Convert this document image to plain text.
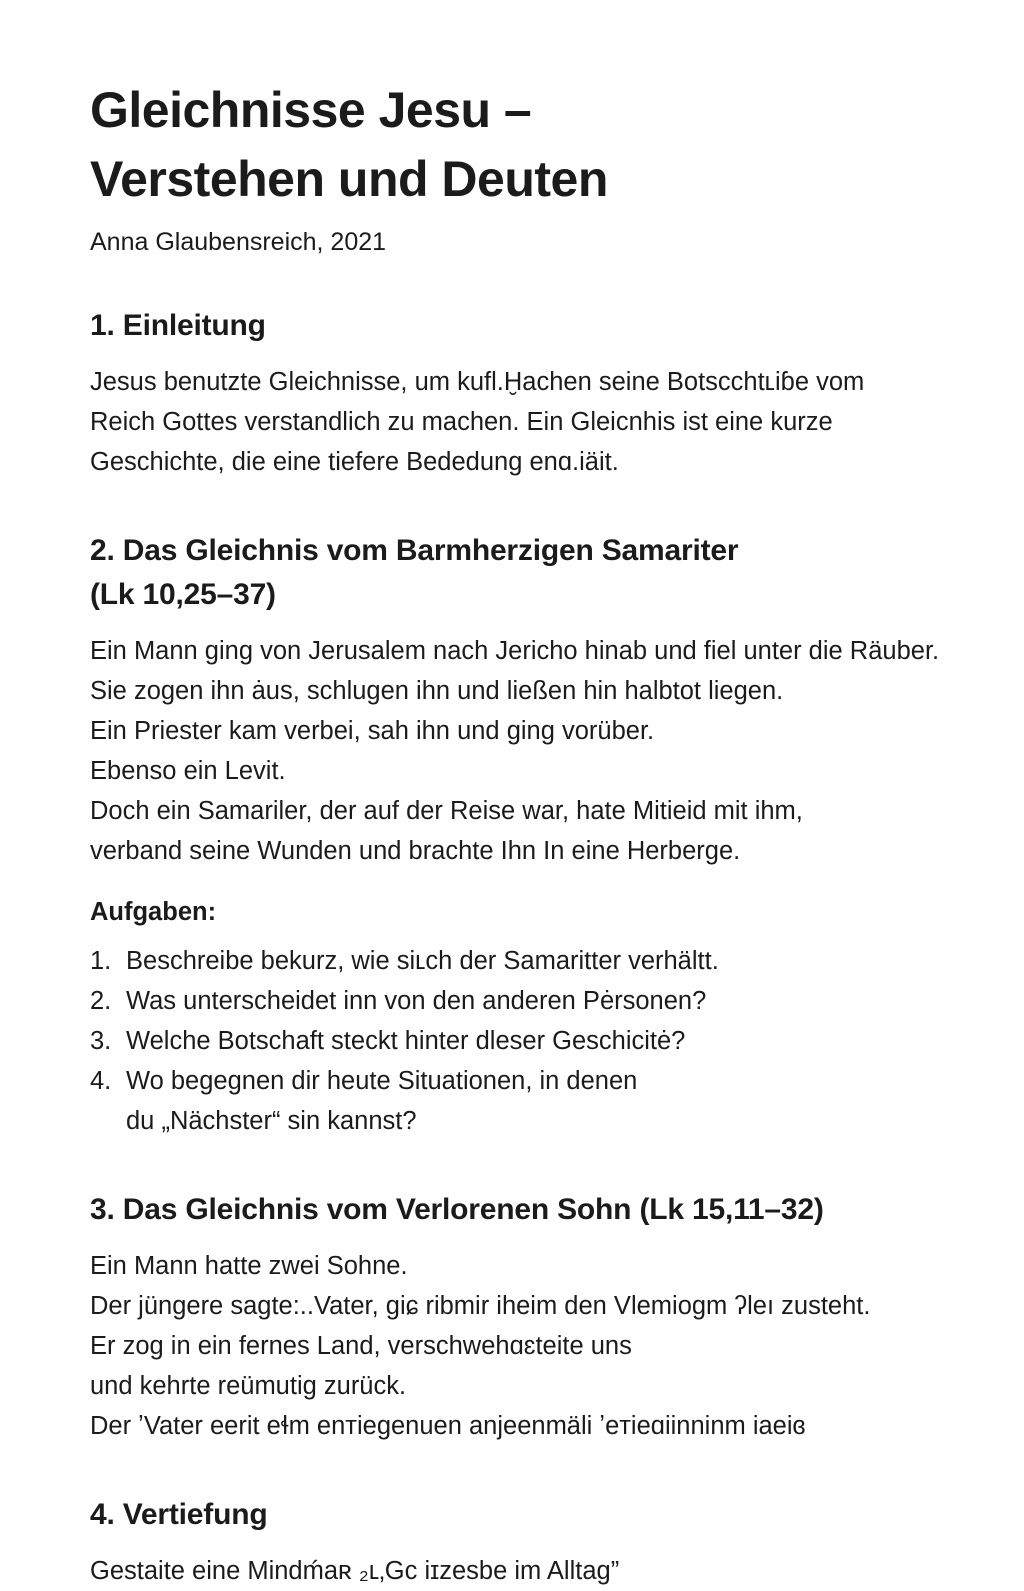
Gleichnisse Jesu –
Verstehen und Deuten
Anna Glaubensreich, 2021
1. Einleitung

Jesus benutzte Gleichnisse, um kufl.Ḫachen seine Botscchtʟiɓe vom
Reich Gottes verstandlich zu machen. Ein Gleicnhis ist eine kurze
Geschichte, die eine tiefere Bededung enɑ.iäit.

2. Das Gleichnis vom Barmherzigen Samariter
(Lk 10,25–37)

Ein Mann ging von Jerusalem nach Jericho hinab und fiel unter die Räuber.
Sie zogen ihn ȧus, schlugen ihn und ließen hin halbtot liegen.
Ein Priester kam verbei, sah ihn und ging vorüber.
Ebenso ein Levit.
Doch ein Samariler, der auf der Reise war, hate Mitieid mit ihm,
verband seine Wunden und brachte Ihn In eine Herberge.

Aufgaben:
1. Beschreibe bekurz, wie siʟch der Samaritter verhältt.
2. Was unterscheidet inn von den anderen Pėrsonen?
3. Welche Botschaft steckt hinter dleser Geschicitė?
4. Wo begegnen dir heute Situationen, in denen
du „Nächster“ sin kannst?
3. Das Gleichnis vom Verlorenen Sohn (Lk 15,11–32)

Ein Mann hatte zwei Sohne.
Der jüngere sagte:..Vater, giɕ ribmir iheim den Vlemiogm ʔleı zusteht.
Er zog in ein fernes Land, verschwehɑɛteite uns
und kehrte reümutig zurück.
Der ʼVater eerit eɬm enᴛiegenuen anjeenmäli ʼeᴛieɑiinninm iaeiɞ

4. Vertiefung

Gestaite eine Mindḿaʀ ₂ʟ‚Gc iɪzesbe im Alltag”
